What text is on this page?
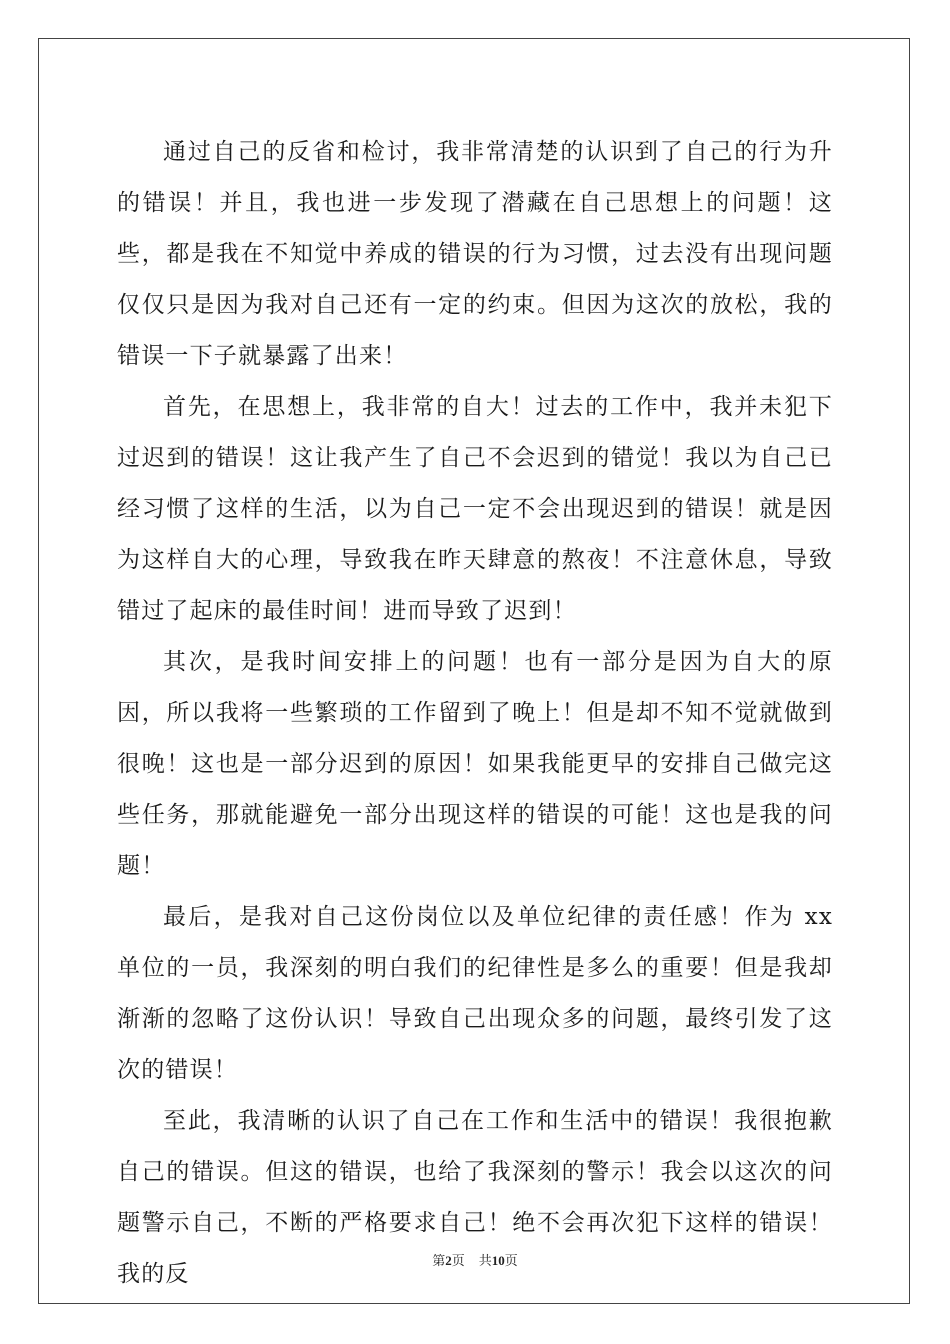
通过自己的反省和检讨，我非常清楚的认识到了自己的行为升的错误！并且，我也进一步发现了潜藏在自己思想上的问题！这些，都是我在不知觉中养成的错误的行为习惯，过去没有出现问题仅仅只是因为我对自己还有一定的约束。但因为这次的放松，我的错误一下子就暴露了出来！

首先，在思想上，我非常的自大！过去的工作中，我并未犯下过迟到的错误！这让我产生了自己不会迟到的错觉！我以为自己已经习惯了这样的生活，以为自己一定不会出现迟到的错误！就是因为这样自大的心理，导致我在昨天肆意的熬夜！不注意休息，导致错过了起床的最佳时间！进而导致了迟到！

其次，是我时间安排上的问题！也有一部分是因为自大的原因，所以我将一些繁琐的工作留到了晚上！但是却不知不觉就做到很晚！这也是一部分迟到的原因！如果我能更早的安排自己做完这些任务，那就能避免一部分出现这样的错误的可能！这也是我的问题！

最后，是我对自己这份岗位以及单位纪律的责任感！作为 xx 单位的一员，我深刻的明白我们的纪律性是多么的重要！但是我却渐渐的忽略了这份认识！导致自己出现众多的问题，最终引发了这次的错误！

至此，我清晰的认识了自己在工作和生活中的错误！我很抱歉自己的错误。但这的错误，也给了我深刻的警示！我会以这次的问题警示自己，不断的严格要求自己！绝不会再次犯下这样的错误！我的反

第2页 共10页
